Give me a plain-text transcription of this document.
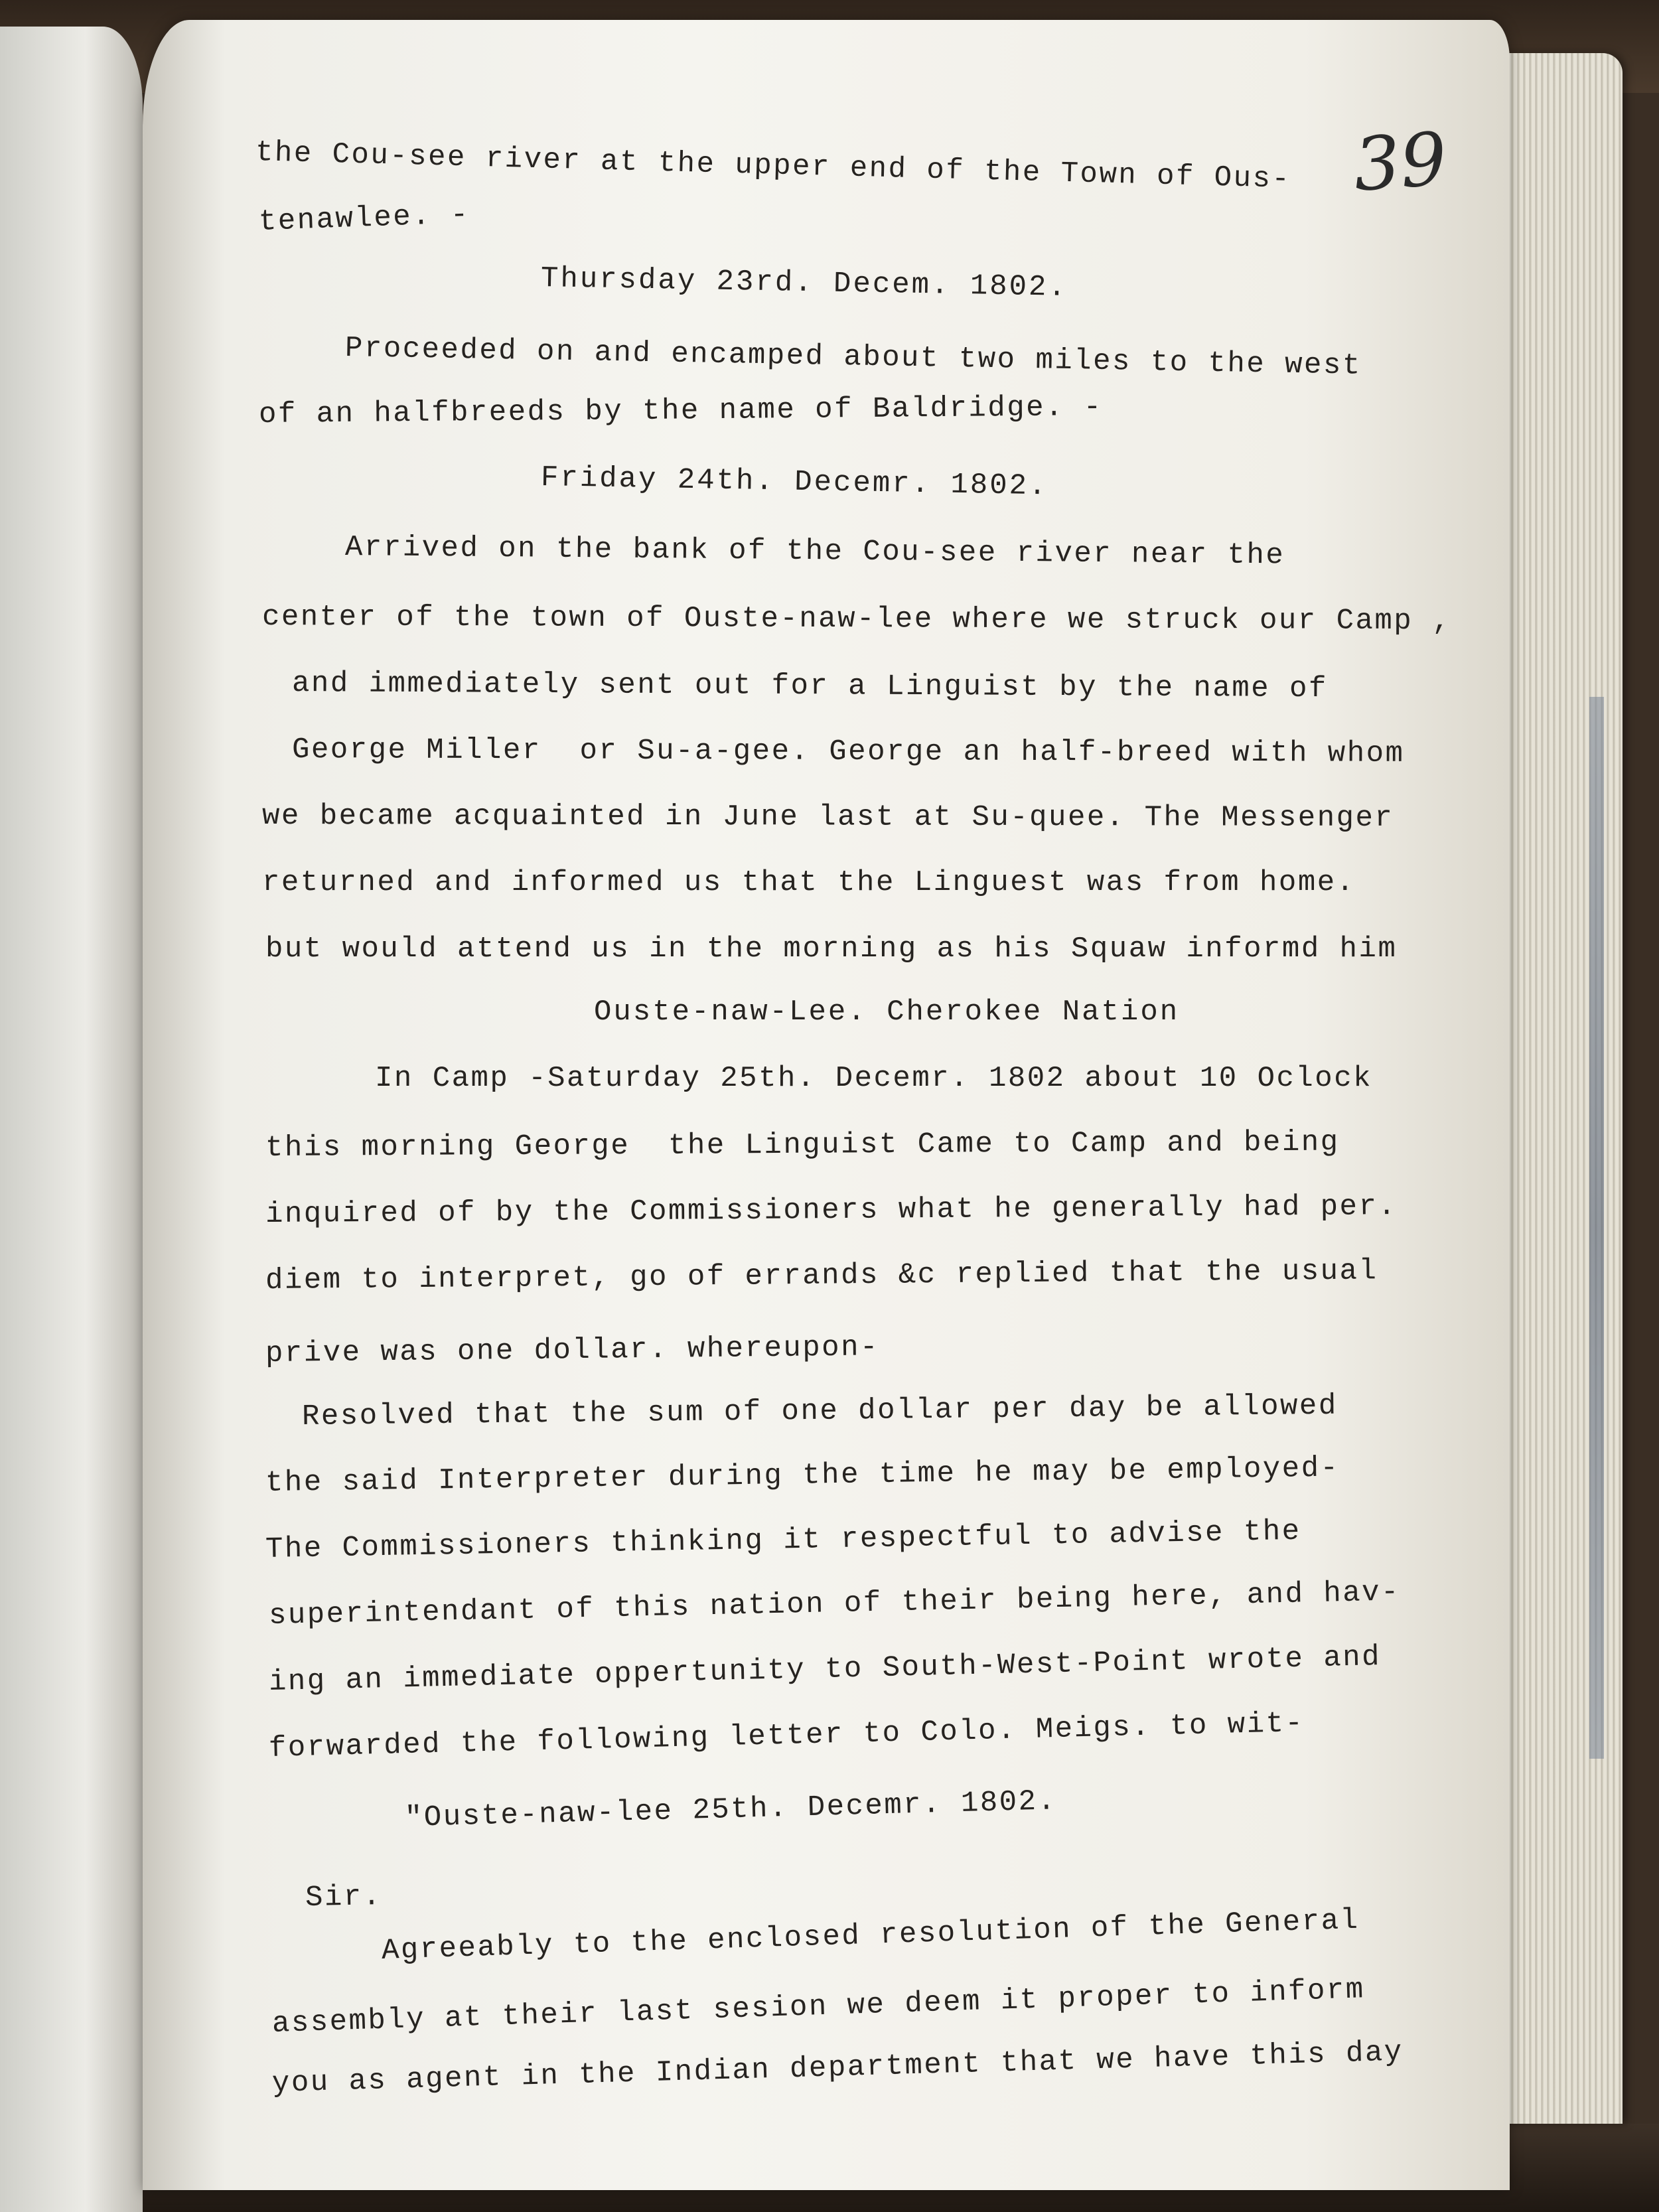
39
the Cou-see river at the upper end of the Town of Ous-
tenawlee. -
Thursday 23rd. Decem. 1802.
Proceeded on and encamped about two miles to the west
of an halfbreeds by the name of Baldridge. -
Friday 24th. Decemr. 1802.
Arrived on the bank of the Cou-see river near the
center of the town of Ouste-naw-lee where we struck our Camp ,
and immediately sent out for a Linguist by the name of
George Miller  or Su-a-gee. George an half-breed with whom
we became acquainted in June last at Su-quee. The Messenger
returned and informed us that the Linguest was from home.
but would attend us in the morning as his Squaw informd him
Ouste-naw-Lee. Cherokee Nation
In Camp -Saturday 25th. Decemr. 1802 about 10 Oclock
this morning George  the Linguist Came to Camp and being
inquired of by the Commissioners what he generally had per.
diem to interpret, go of errands &c replied that the usual
prive was one dollar. whereupon-
Resolved that the sum of one dollar per day be allowed
the said Interpreter during the time he may be employed-
The Commissioners thinking it respectful to advise the
superintendant of this nation of their being here, and hav-
ing an immediate oppertunity to South-West-Point wrote and
forwarded the following letter to Colo. Meigs. to wit-
"Ouste-naw-lee 25th. Decemr. 1802.
Sir.
Agreeably to the enclosed resolution of the General
assembly at their last sesion we deem it proper to inform
you as agent in the Indian department that we have this day
